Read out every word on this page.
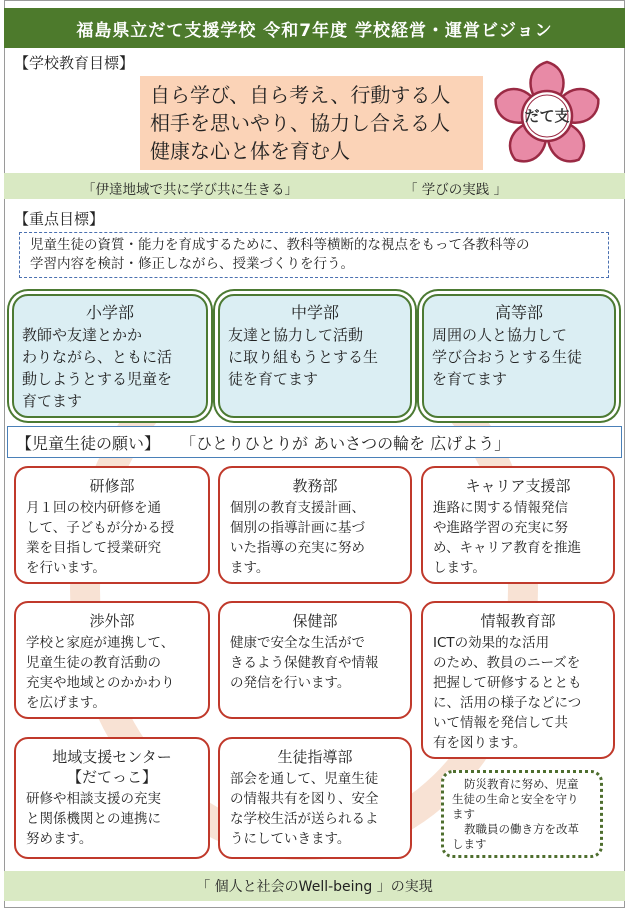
福島県立だて支援学校 令和7年度 学校経営・運営ビジョン
【学校教育目標】
自ら学び、自ら考え、行動する人
相手を思いやり、協力し合える人
健康な心と体を育む人
だて支
「伊達地域で共に学び共に生きる」	「 学びの実践 」
【重点目標】
児童生徒の資質・能力を育成するために、教科等横断的な視点をもって各教科等の
学習内容を検討・修正しながら、授業づくりを行う。
小学部
教師や友達とかか
わりながら、ともに活
動しようとする児童を
育てます
中学部
友達と協力して活動
に取り組もうとする生
徒を育てます
高等部
周囲の人と協力して
学び合おうとする生徒
を育てます
【児童生徒の願い】 「ひとりひとりが あいさつの輪を 広げよう」
研修部
月１回の校内研修を通
して、子どもが分かる授
業を目指して授業研究
を行います。
教務部
個別の教育支援計画、
個別の指導計画に基づ
いた指導の充実に努め
ます。
キャリア支援部
進路に関する情報発信
や進路学習の充実に努
め、キャリア教育を推進
します。
渉外部
学校と家庭が連携して、
児童生徒の教育活動の
充実や地域とのかかわり
を広げます。
保健部
健康で安全な生活がで
きるよう保健教育や情報
の発信を行います。
情報教育部
ICTの効果的な活用
のため、教員のニーズを
把握して研修するととも
に、活用の様子などにつ
いて情報を発信して共
有を図ります。
地域支援センター
【だてっこ】
研修や相談支援の充実
と関係機関との連携に
努めます。
生徒指導部
部会を通して、児童生徒
の情報共有を図り、安全
な学校生活が送られるよ
うにしていきます。
防災教育に努め、児童
生徒の生命と安全を守り
ます
教職員の働き方を改革
します
「 個人と社会のWell-being 」の実現
